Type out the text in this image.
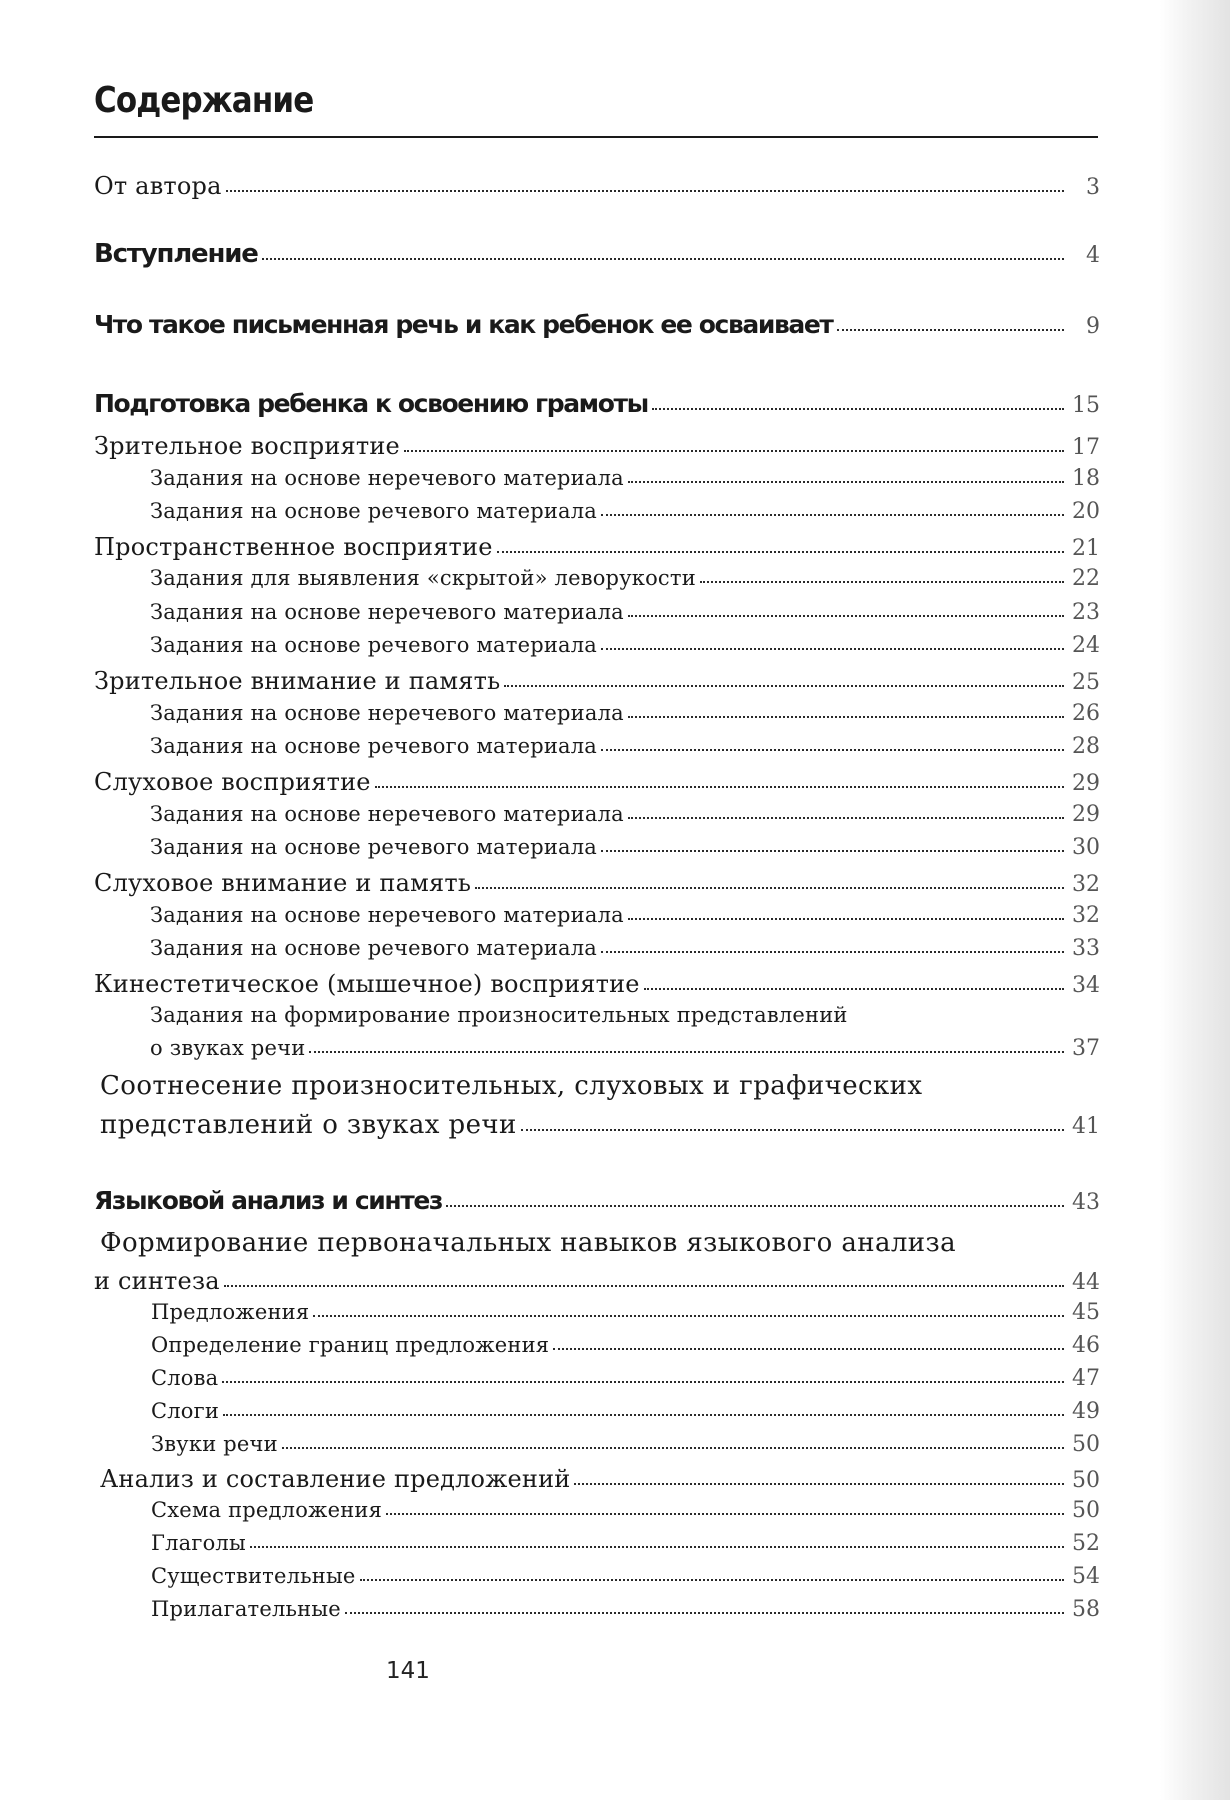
Содержание
От автора	3
Вступление	4
Что такое письменная речь и как ребенок ее осваивает	9
Подготовка ребенка к освоению грамоты	15
Зрительное восприятие	17
Задания на основе неречевого материала	18
Задания на основе речевого материала	20
Пространственное восприятие	21
Задания для выявления «скрытой» леворукости	22
Задания на основе неречевого материала	23
Задания на основе речевого материала	24
Зрительное внимание и память	25
Задания на основе неречевого материала	26
Задания на основе речевого материала	28
Слуховое восприятие	29
Задания на основе неречевого материала	29
Задания на основе речевого материала	30
Слуховое внимание и память	32
Задания на основе неречевого материала	32
Задания на основе речевого материала	33
Кинестетическое (мышечное) восприятие	34
Задания на формирование произносительных представлений
о звуках речи	37
Соотнесение произносительных, слуховых и графических
представлений о звуках речи	41
Языковой анализ и синтез	43
Формирование первоначальных навыков языкового анализа
и синтеза	44
Предложения	45
Определение границ предложения	46
Слова	47
Слоги	49
Звуки речи	50
Анализ и составление предложений	50
Схема предложения	50
Глаголы	52
Существительные	54
Прилагательные	58
141
